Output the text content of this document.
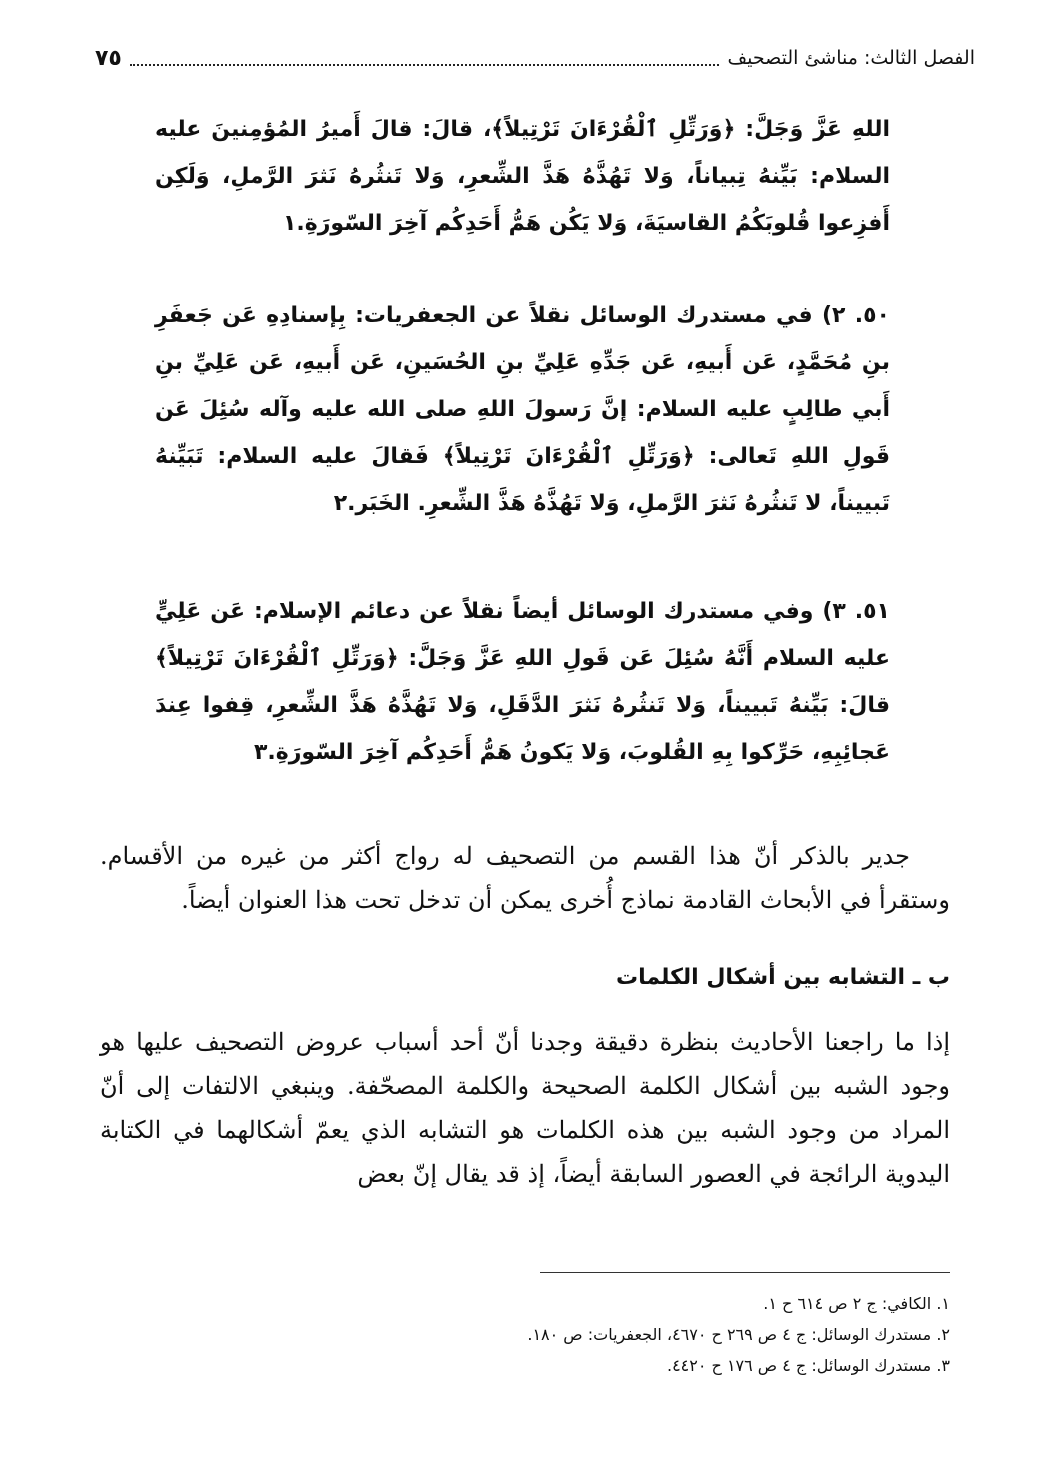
الفصل الثالث: مناشئ التصحيف
٧٥

اللهِ عَزَّ وَجَلَّ: ﴿وَرَتِّلِ ٱلْقُرْءَانَ تَرْتِيلاً﴾، قالَ: قالَ أَميرُ المُؤمِنينَ عليه السلام: بَيِّنهُ تِبياناً، وَلا تَهُذَّهُ هَذَّ الشِّعرِ، وَلا تَنثُرهُ نَثرَ الرَّملِ، وَلَكِن أَفزِعوا قُلوبَكُمُ القاسيَةَ، وَلا يَكُن هَمُّ أَحَدِكُم آخِرَ السّورَةِ.١

٥٠. ٢) في مستدرك الوسائل نقلاً عن الجعفريات: بِإسنادِهِ عَن جَعفَرِ بنِ مُحَمَّدٍ، عَن أَبيهِ، عَن جَدِّهِ عَلِيِّ بنِ الحُسَينِ، عَن أَبيهِ، عَن عَلِيِّ بنِ أَبي طالِبٍ عليه السلام: إنَّ رَسولَ اللهِ صلى الله عليه وآله سُئِلَ عَن قَولِ اللهِ تَعالى: ﴿وَرَتِّلِ ٱلْقُرْءَانَ تَرْتِيلاً﴾ فَقالَ عليه السلام: تَبَيِّنهُ تَبييناً، لا تَنثُرهُ نَثرَ الرَّملِ، وَلا تَهُذَّهُ هَذَّ الشِّعرِ. الخَبَر.٢

٥١. ٣) وفي مستدرك الوسائل أيضاً نقلاً عن دعائم الإسلام: عَن عَلِيٍّ عليه السلام أَنَّهُ سُئِلَ عَن قَولِ اللهِ عَزَّ وَجَلَّ: ﴿وَرَتِّلِ ٱلْقُرْءَانَ تَرْتِيلاً﴾ قالَ: بَيِّنهُ تَبييناً، وَلا تَنثُرهُ نَثرَ الدَّقَلِ، وَلا تَهُذَّهُ هَذَّ الشِّعرِ، قِفوا عِندَ عَجائِبِهِ، حَرِّكوا بِهِ القُلوبَ، وَلا يَكونُ هَمُّ أَحَدِكُم آخِرَ السّورَةِ.٣

جدير بالذكر أنّ هذا القسم من التصحيف له رواج أكثر من غيره من الأقسام. وستقرأ في الأبحاث القادمة نماذج أُخرى يمكن أن تدخل تحت هذا العنوان أيضاً.

ب ـ التشابه بين أشكال الكلمات

إذا ما راجعنا الأحاديث بنظرة دقيقة وجدنا أنّ أحد أسباب عروض التصحيف عليها هو وجود الشبه بين أشكال الكلمة الصحيحة والكلمة المصحّفة. وينبغي الالتفات إلى أنّ المراد من وجود الشبه بين هذه الكلمات هو التشابه الذي يعمّ أشكالهما في الكتابة اليدوية الرائجة في العصور السابقة أيضاً، إذ قد يقال إنّ بعض

١. الكافي: ج ٢ ص ٦١٤ ح ١.
٢. مستدرك الوسائل: ج ٤ ص ٢٦٩ ح ٤٦٧٠، الجعفريات: ص ١٨٠.
٣. مستدرك الوسائل: ج ٤ ص ١٧٦ ح ٤٤٢٠.
